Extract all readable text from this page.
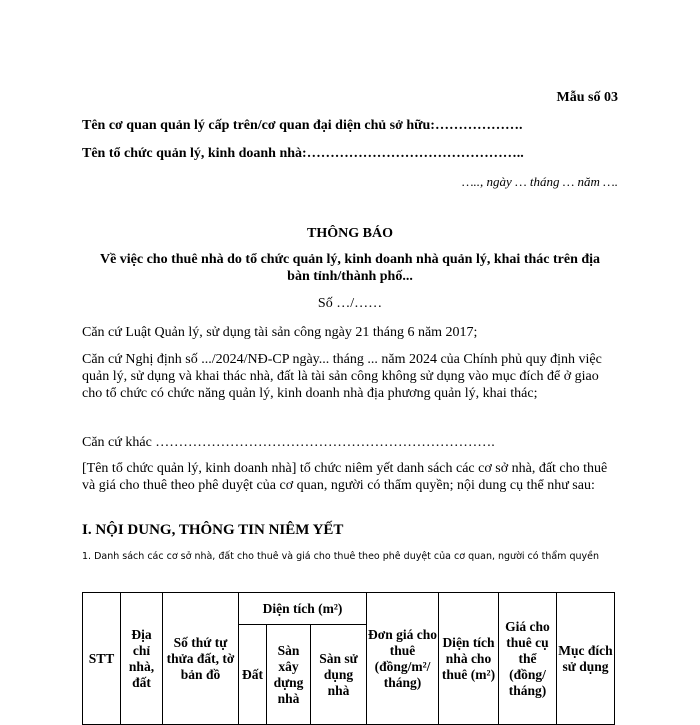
Mẫu số 03
Tên cơ quan quản lý cấp trên/cơ quan đại diện chủ sở hữu:……………….
Tên tổ chức quản lý, kinh doanh nhà:………………………………………..
….., ngày … tháng … năm ….
THÔNG BÁO
Về việc cho thuê nhà do tổ chức quản lý, kinh doanh nhà quản lý, khai thác trên địa
bàn tỉnh/thành phố...
Số …/……
Căn cứ Luật Quản lý, sử dụng tài sản công ngày 21 tháng 6 năm 2017;
Căn cứ Nghị định số .../2024/NĐ-CP ngày... tháng ... năm 2024 của Chính phủ quy định việc quản lý, sử dụng và khai thác nhà, đất là tài sản công không sử dụng vào mục đích để ở giao cho tổ chức có chức năng quản lý, kinh doanh nhà địa phương quản lý, khai thác;
Căn cứ khác ……………………………………………………………….
[Tên tổ chức quản lý, kinh doanh nhà] tổ chức niêm yết danh sách các cơ sở nhà, đất cho thuê và giá cho thuê theo phê duyệt của cơ quan, người có thẩm quyền; nội dung cụ thể như sau:
I. NỘI DUNG, THÔNG TIN NIÊM YẾT
1. Danh sách các cơ sở nhà, đất cho thuê và giá cho thuê theo phê duyệt của cơ quan, người có thẩm quyền
STT	Địa chỉ nhà, đất	Số thứ tự thửa đất, tờ bản đồ	Diện tích (m²)			Đơn giá cho thuê (đồng/m²/ tháng)	Diện tích nhà cho thuê (m²)	Giá cho thuê cụ thể (đồng/ tháng)	Mục đích sử dụng
			Đất	Sàn xây dựng nhà	Sàn sử dụng nhà				
